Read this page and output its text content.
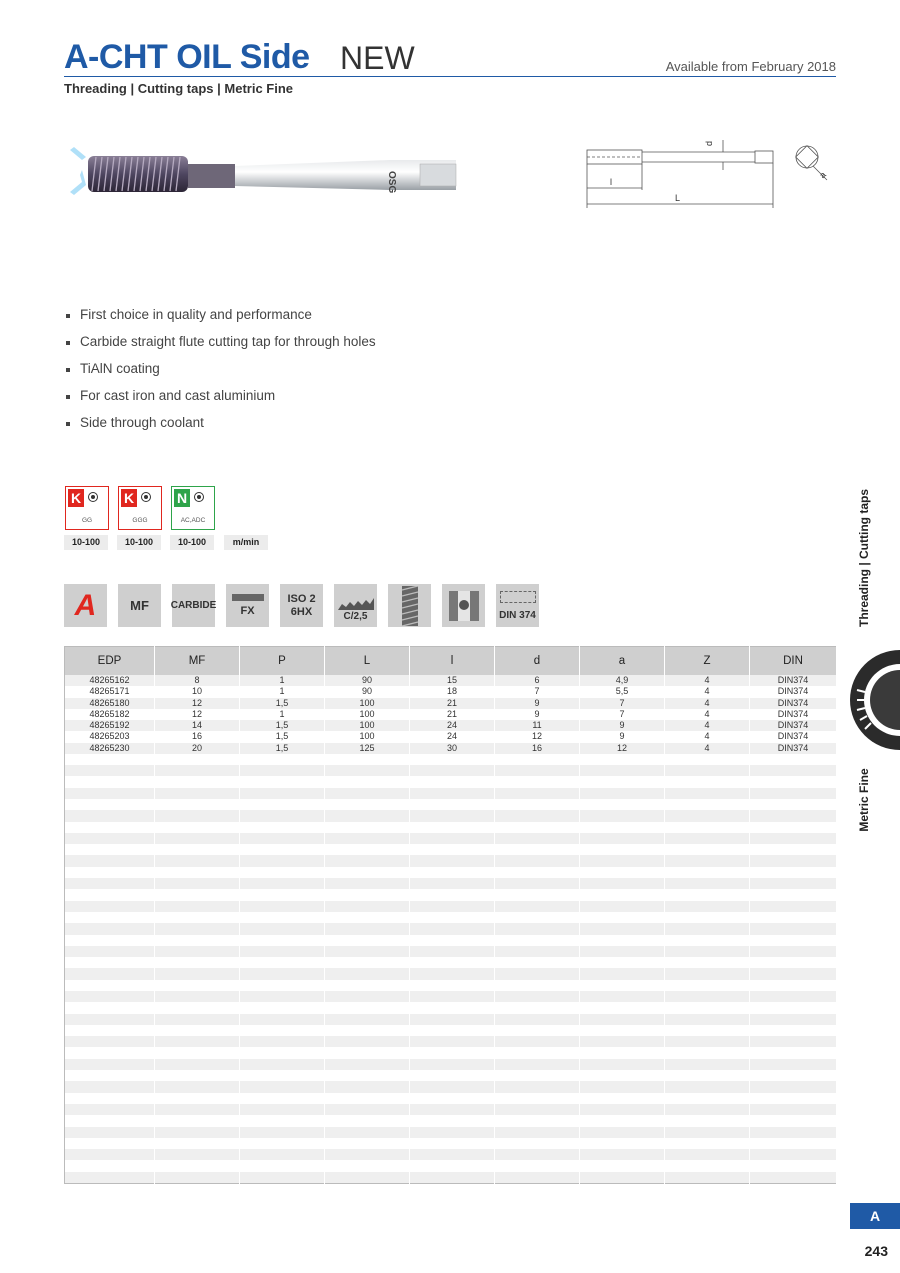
A-CHT OIL Side NEW	Available from February 2018
Threading | Cutting taps | Metric Fine
OSG
d
l
L
a
First choice in quality and performance
Carbide straight flute cutting tap for through holes
TiAlN coating
For cast iron and cast aluminium
Side through coolant
K
GG
K
GGG
N
AC,ADC
10-100	10-100	10-100	m/min
A	MF CARBIDE FX
ISO 2
6HX	C/2,5	DIN 374
EDP	MF	P	L	l	d	a	Z	DIN
48265162	8	1	90	15	6	4,9	4	DIN374
48265171	10	1	90	18	7	5,5	4	DIN374
48265180	12	1,5	100	21	9	7	4	DIN374
48265182	12	1	100	21	9	7	4	DIN374
48265192	14	1,5	100	24	11	9	4	DIN374
48265203	16	1,5	100	24	12	9	4	DIN374
48265230	20	1,5	125	30	16	12	4	DIN374

Threading | Cutting taps
Metric Fine
A
243
